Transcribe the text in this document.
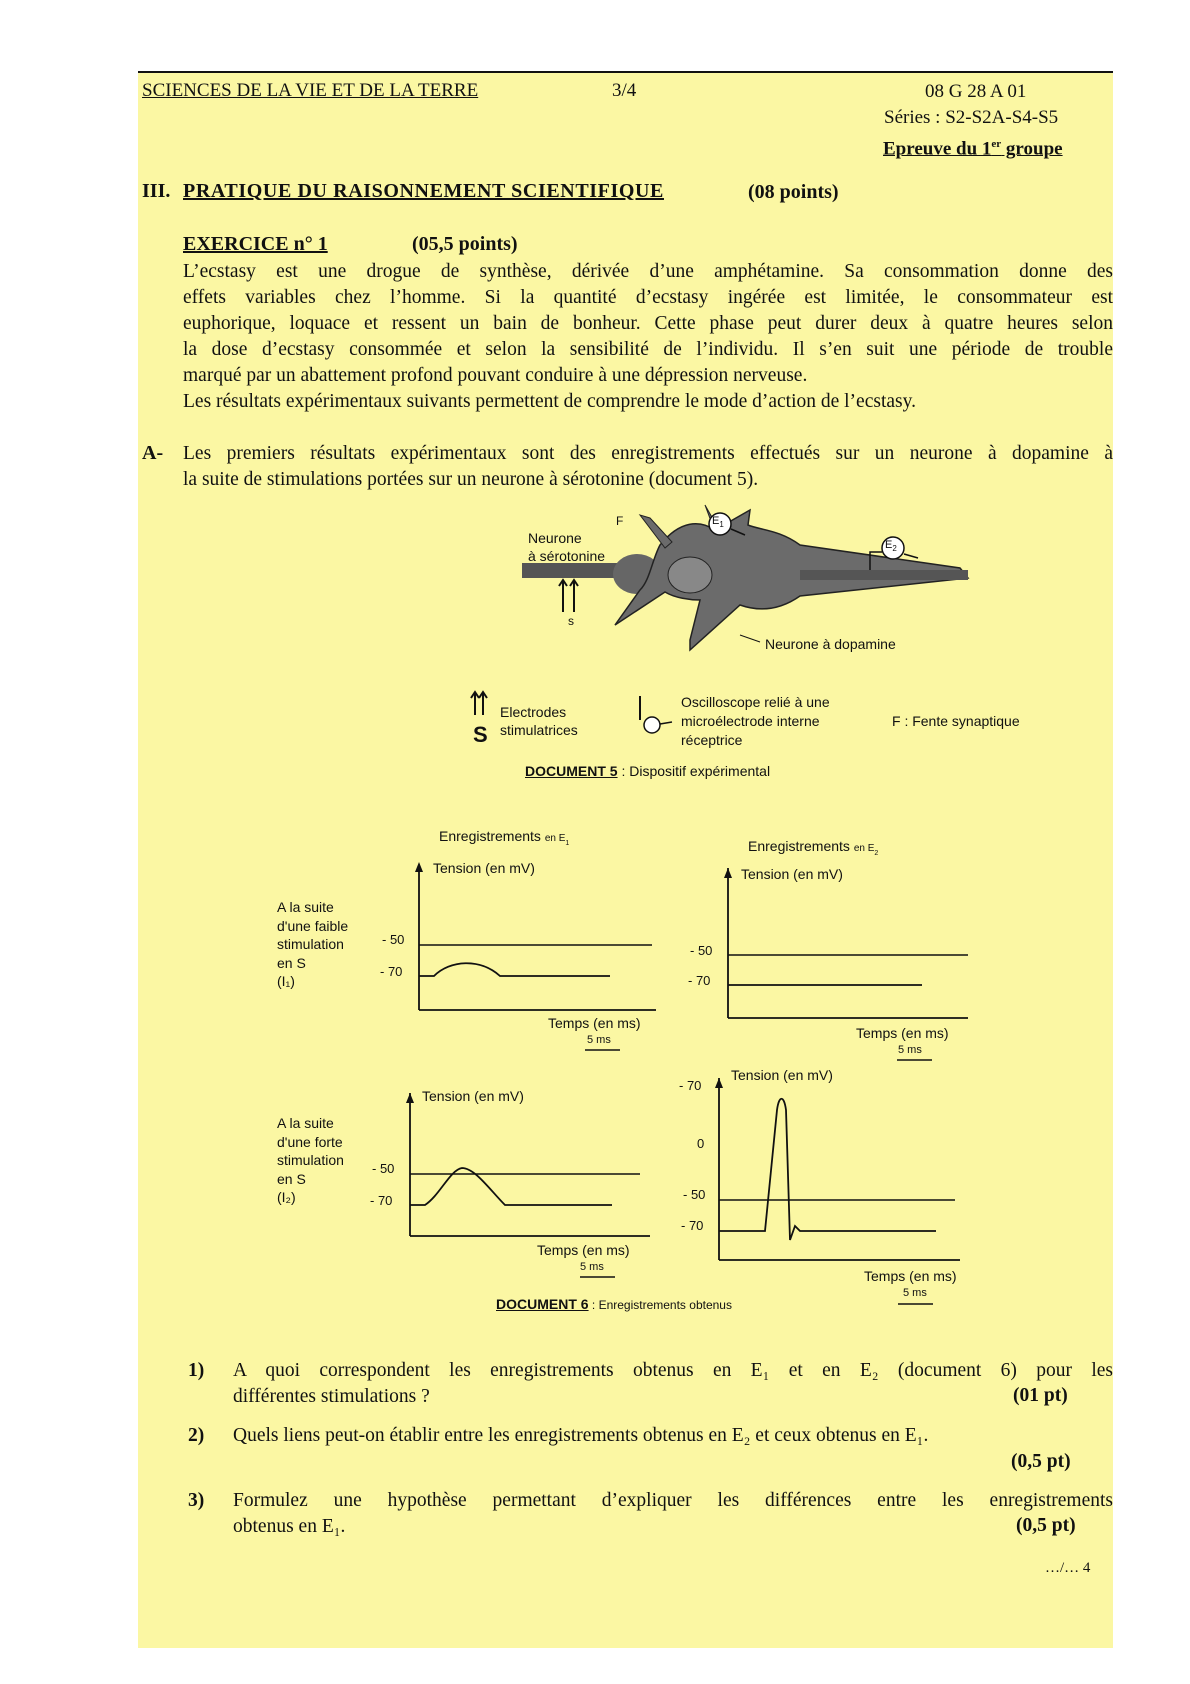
SCIENCES DE LA VIE ET DE LA TERRE	3/4	08 G 28 A 01
Séries : S2-S2A-S4-S5
Epreuve du 1er groupe
III. PRATIQUE DU RAISONNEMENT SCIENTIFIQUE	(08 points)
EXERCICE n° 1	(05,5 points)
L’ecstasy est une drogue de synthèse, dérivée d’une amphétamine. Sa consommation donne des
effets variables chez l’homme. Si la quantité d’ecstasy ingérée est limitée, le consommateur est
euphorique, loquace et ressent un bain de bonheur. Cette phase peut durer deux à quatre heures selon
la dose d’ecstasy consommée et selon la sensibilité de l’individu. Il s’en suit une période de trouble
marqué par un abattement profond pouvant conduire à une dépression nerveuse.
Les résultats expérimentaux suivants permettent de comprendre le mode d’action de l’ecstasy.
A- Les premiers résultats expérimentaux sont des enregistrements effectués sur un neurone à dopamine à
la suite de stimulations portées sur un neurone à sérotonine (document 5).
Neurone
à sérotonine
F
s
$E_1$
$E_2$
Neurone à dopamine
Electrodes
stimulatrices
S
Oscilloscope relié à une
microélectrode interne
réceptrice
F : Fente synaptique
DOCUMENT 5 : Dispositif expérimental
Enregistrements en $E_1$	Enregistrements en $E_2$
Tension (en mV)	Tension (en mV)
Tension (en mV)
Tension (en mV)
- 50
- 70
- 50
- 70
- 50
- 70
- 70
0
- 50
- 70
Temps (en ms)
5 ms	Temps (en ms)
5 ms
Temps (en ms)
5 ms
Temps (en ms)
5 ms
A la suite
d'une faible
stimulation
en S
(I₁)
A la suite
d'une forte
stimulation
en S
(I₂)
DOCUMENT 6 : Enregistrements obtenus
1) A quoi correspondent les enregistrements obtenus en E₁ et en E₂ (document 6) pour les
différentes stimulations ?	(01 pt)
2) Quels liens peut-on établir entre les enregistrements obtenus en E₂ et ceux obtenus en E₁.
(0,5 pt)
3) Formulez une hypothèse permettant d’expliquer les différences entre les enregistrements
obtenus en E₁.	(0,5 pt)
…/… 4
